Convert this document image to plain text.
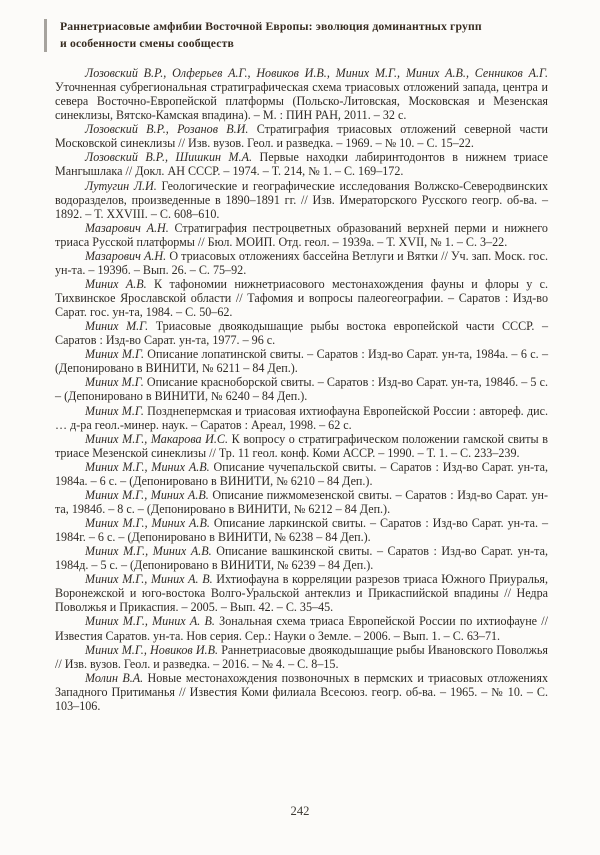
Раннетриасовые амфибии Восточной Европы: эволюция доминантных групп
и особенности смены сообществ

Лозовский В.Р., Олферьев А.Г., Новиков И.В., Миних М.Г., Миних А.В., Сенников А.Г. Уточненная субрегиональная стратиграфическая схема триасовых отложений запада, центра и севера Восточно-Европейской платформы (Польско-Литовская, Московская и Мезенская синеклизы, Вятско-Камская впадина). – М. : ПИН РАН, 2011. – 32 с.

Лозовский В.Р., Розанов В.И. Стратиграфия триасовых отложений северной части Московской синеклизы // Изв. вузов. Геол. и разведка. – 1969. – № 10. – С. 15–22.

Лозовский В.Р., Шишкин М.А. Первые находки лабиринтодонтов в нижнем триасе Мангышлака // Докл. АН СССР. – 1974. – Т. 214, № 1. – С. 169–172.

Лутугин Л.И. Геологические и географические исследования Волжско-Северодвинских водоразделов, произведенные в 1890–1891 гг. // Изв. Имераторского Русского геогр. об-ва. – 1892. – Т. XXVIII. – С. 608–610.

Мазарович А.Н. Стратиграфия пестроцветных образований верхней перми и нижнего триаса Русской платформы // Бюл. МОИП. Отд. геол. – 1939а. – Т. XVII, № 1. – С. 3–22.

Мазарович А.Н. О триасовых отложениях бассейна Ветлуги и Вятки // Уч. зап. Моск. гос. ун-та. – 1939б. – Вып. 26. – С. 75–92.

Миних А.В. К тафономии нижнетриасового местонахождения фауны и флоры у с. Тихвинское Ярославской области // Тафомия и вопросы палеогеографии. – Саратов : Изд-во Сарат. гос. ун-та, 1984. – С. 50–62.

Миних М.Г. Триасовые двоякодышащие рыбы востока европейской части СССР. – Саратов : Изд-во Сарат. ун-та, 1977. – 96 с.

Миних М.Г. Описание лопатинской свиты. – Саратов : Изд-во Сарат. ун-та, 1984а. – 6 с. – (Депонировано в ВИНИТИ, № 6211 – 84 Деп.).

Миних М.Г. Описание красноборской свиты. – Саратов : Изд-во Сарат. ун-та, 1984б. – 5 с. – (Депонировано в ВИНИТИ, № 6240 – 84 Деп.).

Миних М.Г. Позднепермская и триасовая ихтиофауна Европейской России : автореф. дис. … д-ра геол.-минер. наук. – Саратов : Ареал, 1998. – 62 с.

Миних М.Г., Макарова И.С. К вопросу о стратиграфическом положении гамской свиты в триасе Мезенской синеклизы // Тр. 11 геол. конф. Коми АССР. – 1990. – Т. 1. – С. 233–239.

Миних М.Г., Миних А.В. Описание чучепальской свиты. – Саратов : Изд-во Сарат. ун-та, 1984а. – 6 с. – (Депонировано в ВИНИТИ, № 6210 – 84 Деп.).

Миних М.Г., Миних А.В. Описание пижмомезенской свиты. – Саратов : Изд-во Сарат. ун-та, 1984б. – 8 с. – (Депонировано в ВИНИТИ, № 6212 – 84 Деп.).

Миних М.Г., Миних А.В. Описание ларкинской свиты. – Саратов : Изд-во Сарат. ун-та. – 1984г. – 6 с. – (Депонировано в ВИНИТИ, № 6238 – 84 Деп.).

Миних М.Г., Миних А.В. Описание вашкинской свиты. – Саратов : Изд-во Сарат. ун-та, 1984д. – 5 с. – (Депонировано в ВИНИТИ, № 6239 – 84 Деп.).

Миних М.Г., Миних А. В. Ихтиофауна в корреляции разрезов триаса Южного Приуралья, Воронежской и юго-востока Волго-Уральской антеклиз и Прикаспийской впадины // Недра Поволжья и Прикаспия. – 2005. – Вып. 42. – С. 35–45.

Миних М.Г., Миних А. В. Зональная схема триаса Европейской России по ихтиофауне // Известия Саратов. ун-та. Нов серия. Сер.: Науки о Земле. – 2006. – Вып. 1. – С. 63–71.

Миних М.Г., Новиков И.В. Раннетриасовые двоякодышащие рыбы Ивановского Поволжья // Изв. вузов. Геол. и разведка. – 2016. – № 4. – С. 8–15.

Молин В.А. Новые местонахождения позвоночных в пермских и триасовых отложениях Западного Притиманья // Известия Коми филиала Всесоюз. геогр. об-ва. – 1965. – № 10. – С. 103–106.

242
